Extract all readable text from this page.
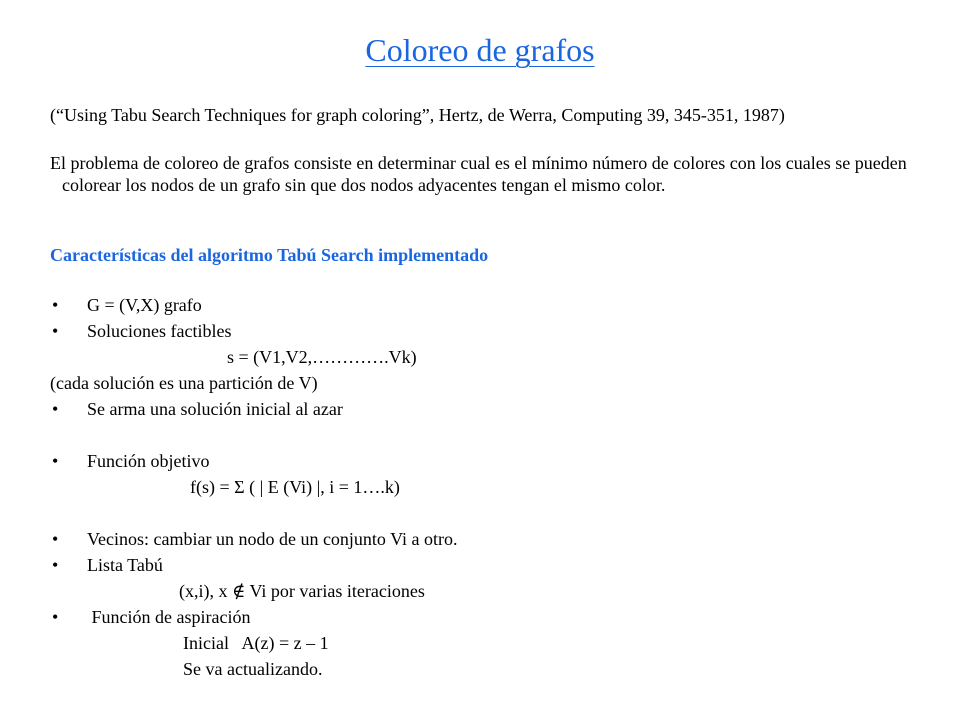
Coloreo de grafos
(“Using Tabu Search Techniques for graph coloring”, Hertz, de Werra, Computing 39, 345-351, 1987)
El problema de coloreo de grafos consiste en determinar cual es el mínimo número de colores con los cuales se pueden colorear los nodos de un grafo sin que dos nodos adyacentes tengan el mismo color.
Características del algoritmo Tabú Search implementado
• G = (V,X) grafo
• Soluciones factibles
s = (V1,V2,………….Vk)
(cada solución es una partición de V)
• Se arma una solución inicial al azar
• Función objetivo
f(s) = Σ ( | E (Vi) |, i = 1….k)
• Vecinos: cambiar un nodo de un conjunto Vi a otro.
• Lista Tabú
(x,i), x ∉ Vi por varias iteraciones
• Función de aspiración
Inicial   A(z) = z – 1
Se va actualizando.
